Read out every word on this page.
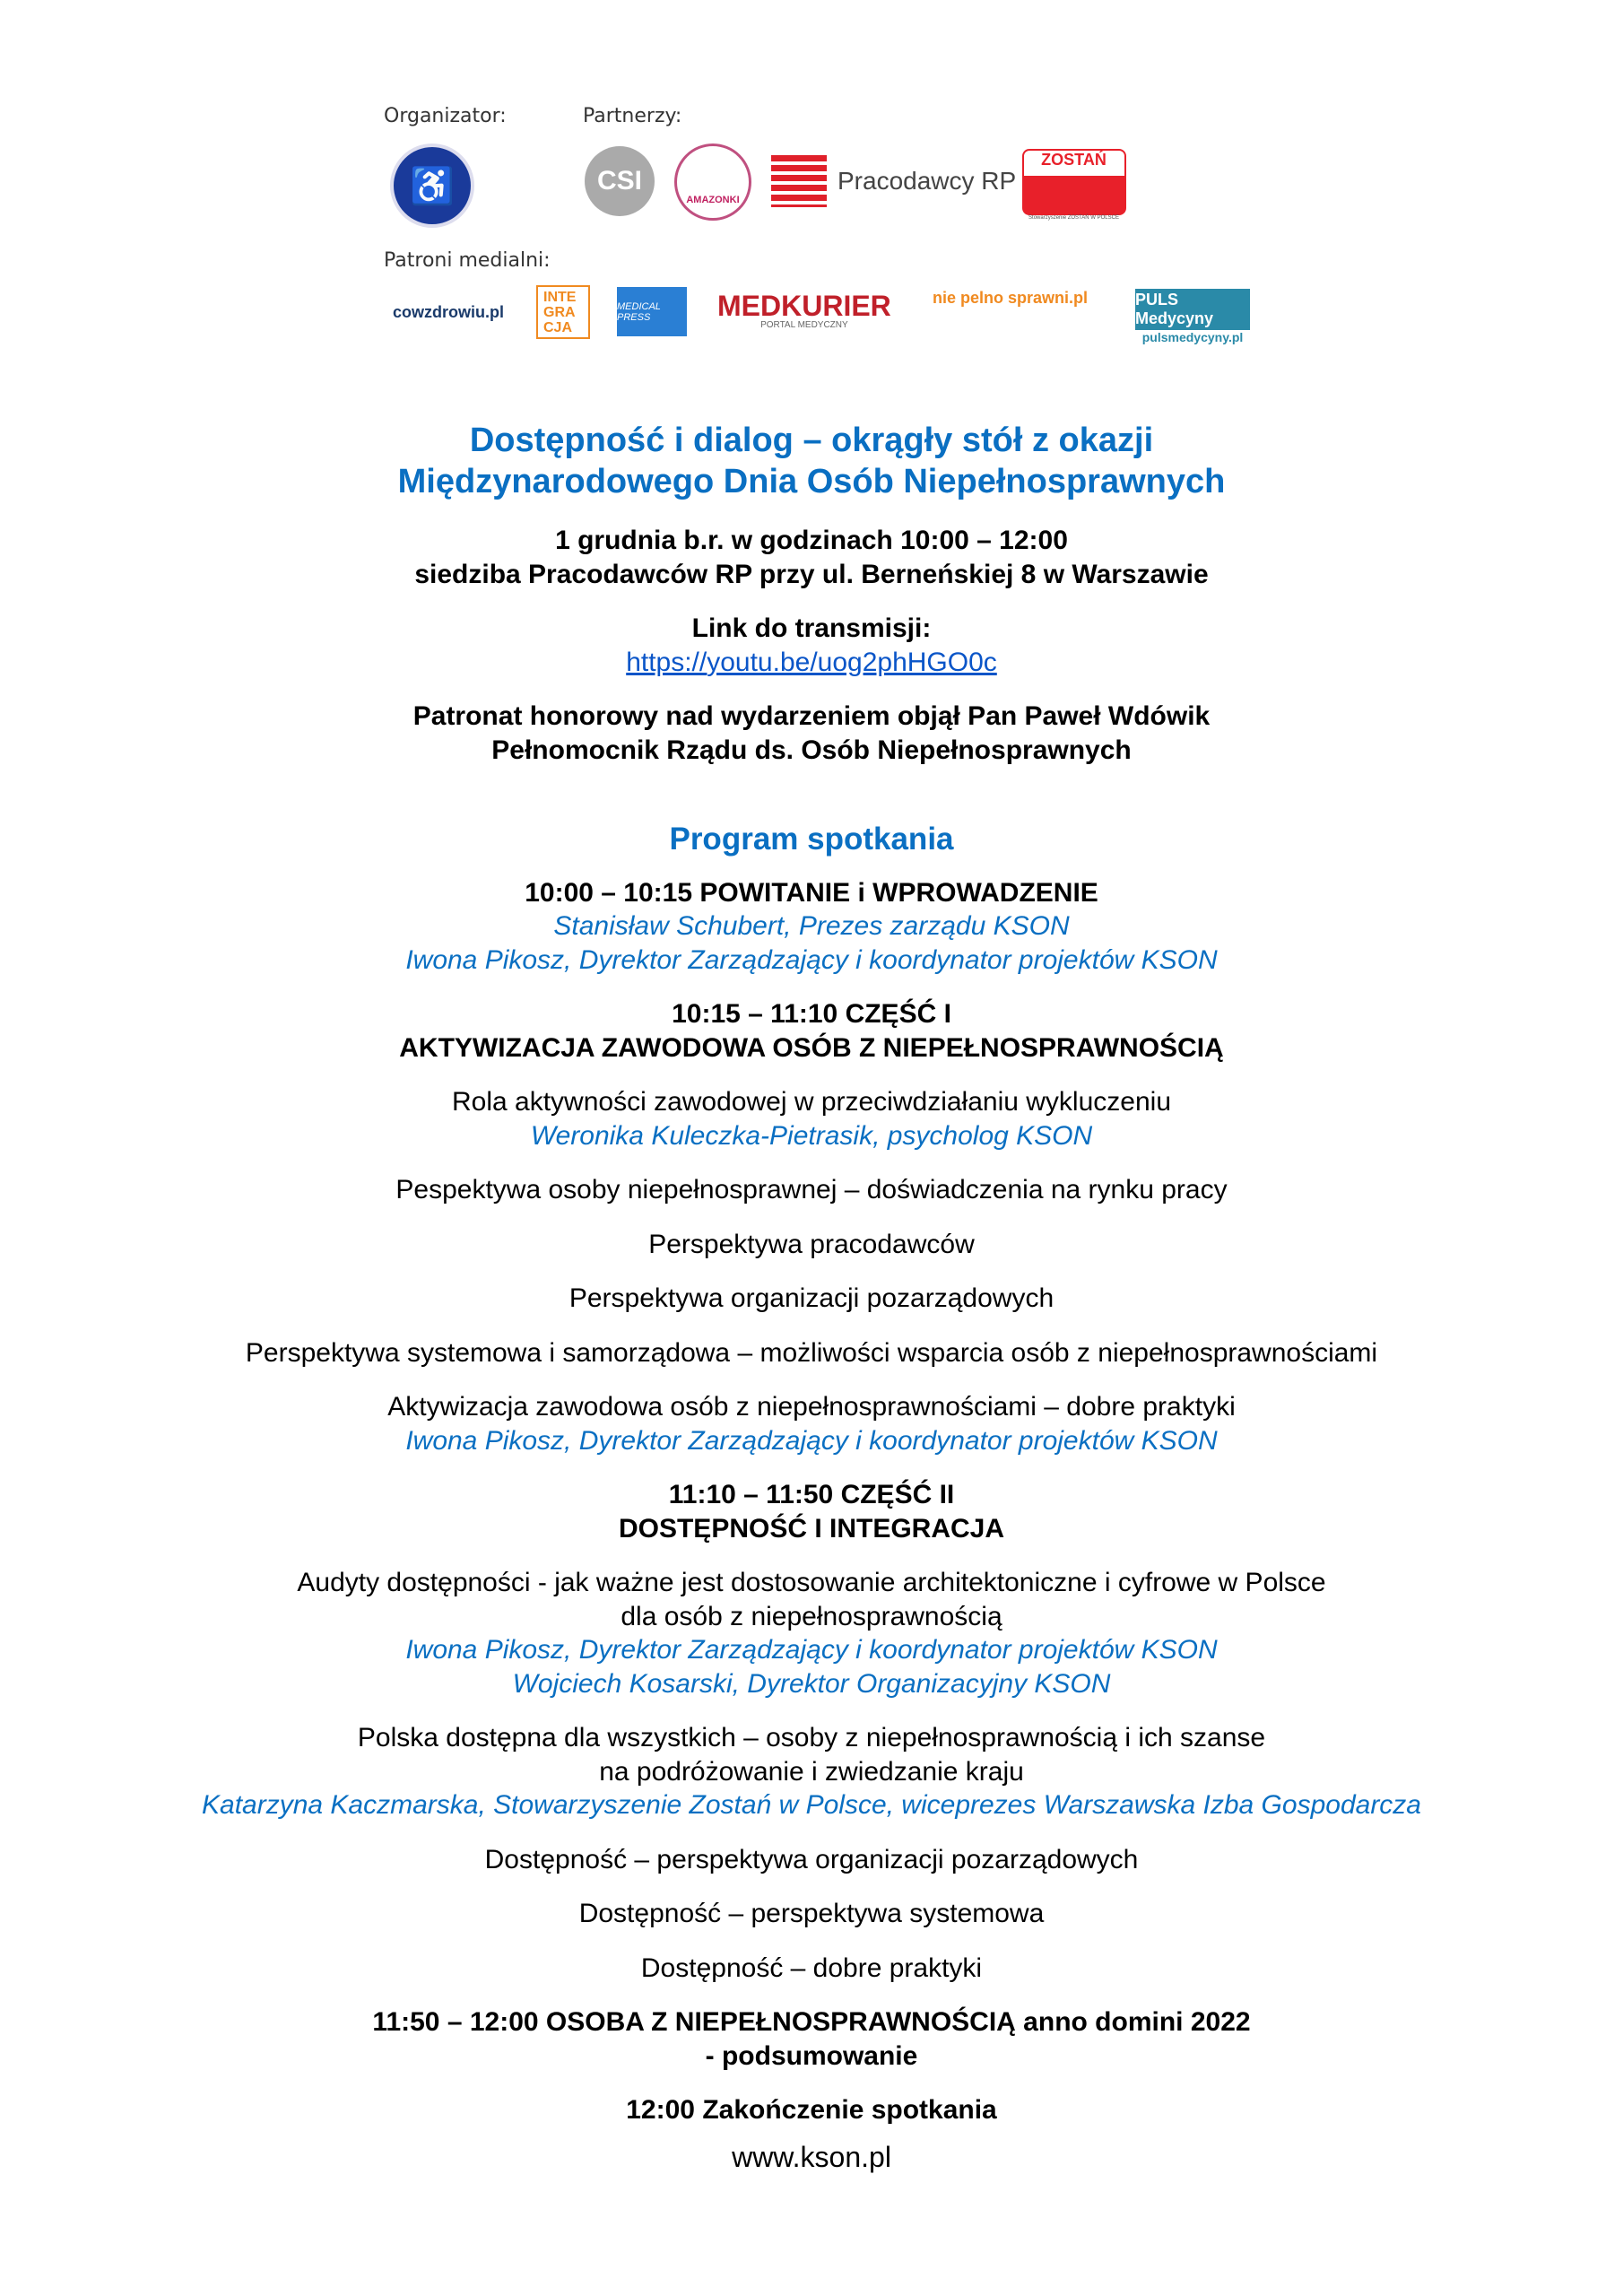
Organizator:	Partnerzy:
♿	CSI
AMAZONKI
Pracodawcy RP
ZOSTAŃ
Stowarzyszenie ZOSTAŃ W POLSCE
Patroni medialni:
cowzdrowiu.pl
INTE GRA CJA
MEDICAL PRESS	MEDKURIER
PORTAL MEDYCZNY
nie pelno sprawni.pl	PULS Medycyny
pulsmedycyny.pl
Dostępność i dialog – okrągły stół z okazji
Międzynarodowego Dnia Osób Niepełnosprawnych
1 grudnia b.r. w godzinach 10:00 – 12:00
siedziba Pracodawców RP przy ul. Berneńskiej 8 w Warszawie
Link do transmisji:
https://youtu.be/uog2phHGO0c
Patronat honorowy nad wydarzeniem objął Pan Paweł Wdówik
Pełnomocnik Rządu ds. Osób Niepełnosprawnych
Program spotkania
10:00 – 10:15 POWITANIE i WPROWADZENIE
Stanisław Schubert, Prezes zarządu KSON
Iwona Pikosz, Dyrektor Zarządzający i koordynator projektów KSON
10:15 – 11:10 CZĘŚĆ I
AKTYWIZACJA ZAWODOWA OSÓB Z NIEPEŁNOSPRAWNOŚCIĄ
Rola aktywności zawodowej w przeciwdziałaniu wykluczeniu
Weronika Kuleczka-Pietrasik, psycholog KSON
Pespektywa osoby niepełnosprawnej – doświadczenia na rynku pracy
Perspektywa pracodawców
Perspektywa organizacji pozarządowych
Perspektywa systemowa i samorządowa – możliwości wsparcia osób z niepełnosprawnościami
Aktywizacja zawodowa osób z niepełnosprawnościami – dobre praktyki
Iwona Pikosz, Dyrektor Zarządzający i koordynator projektów KSON
11:10 – 11:50 CZĘŚĆ II
DOSTĘPNOŚĆ I INTEGRACJA
Audyty dostępności - jak ważne jest dostosowanie architektoniczne i cyfrowe w Polsce
dla osób z niepełnosprawnością
Iwona Pikosz, Dyrektor Zarządzający i koordynator projektów KSON
Wojciech Kosarski, Dyrektor Organizacyjny KSON
Polska dostępna dla wszystkich – osoby z niepełnosprawnością i ich szanse
na podróżowanie i zwiedzanie kraju
Katarzyna Kaczmarska, Stowarzyszenie Zostań w Polsce, wiceprezes Warszawska Izba Gospodarcza
Dostępność – perspektywa organizacji pozarządowych
Dostępność – perspektywa systemowa
Dostępność – dobre praktyki
11:50 – 12:00 OSOBA Z NIEPEŁNOSPRAWNOŚCIĄ anno domini 2022
- podsumowanie
12:00 Zakończenie spotkania
www.kson.pl
